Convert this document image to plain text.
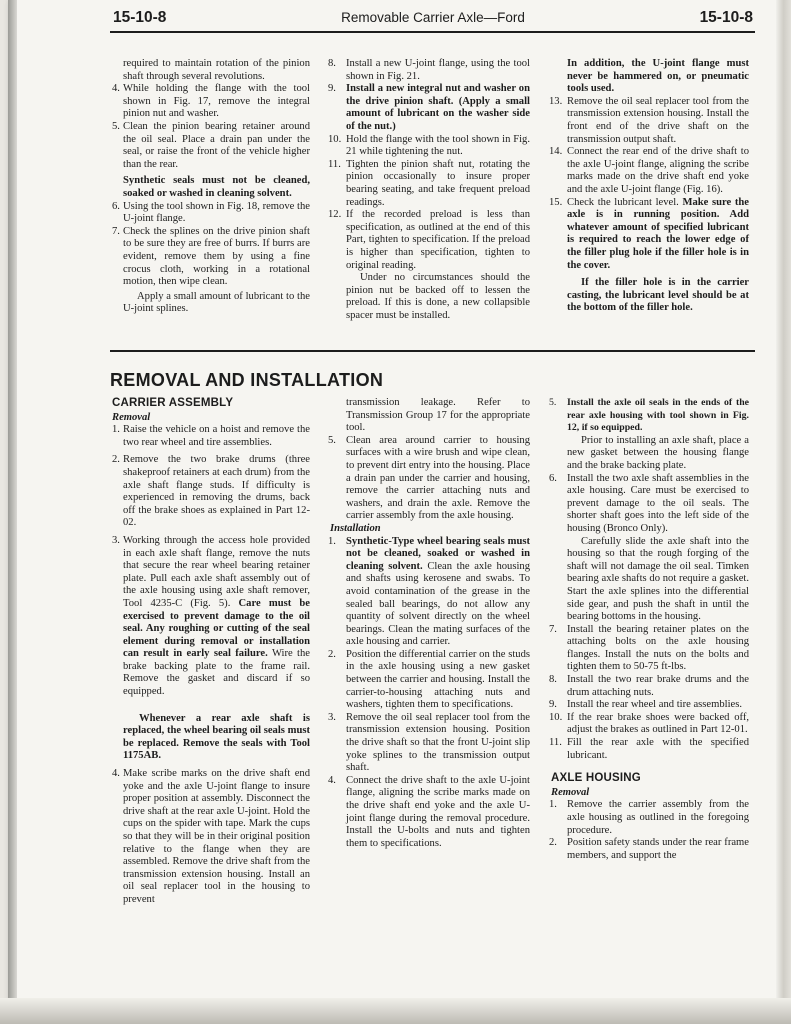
15-10-8	Removable Carrier Axle—Ford	15-10-8

required to maintain rotation of the pinion shaft through several revolutions.

4. While holding the flange with the tool shown in Fig. 17, remove the integral pinion nut and washer.

5. Clean the pinion bearing retainer around the oil seal. Place a drain pan under the seal, or raise the front of the vehicle higher than the rear.

Synthetic seals must not be cleaned, soaked or washed in cleaning solvent.

6. Using the tool shown in Fig. 18, remove the U-joint flange.

7. Check the splines on the drive pinion shaft to be sure they are free of burrs. If burrs are evident, remove them by using a fine crocus cloth, working in a rotational motion, then wipe clean.

Apply a small amount of lubricant to the U-joint splines.

8. Install a new U-joint flange, using the tool shown in Fig. 21.

9. Install a new integral nut and washer on the drive pinion shaft. (Apply a small amount of lubricant on the washer side of the nut.)

10. Hold the flange with the tool shown in Fig. 21 while tightening the nut.

11. Tighten the pinion shaft nut, rotating the pinion occasionally to insure proper bearing seating, and take frequent preload readings.

12. If the recorded preload is less than specification, as outlined at the end of this Part, tighten to specification. If the preload is higher than specification, tighten to original reading.

Under no circumstances should the pinion nut be backed off to lessen the preload. If this is done, a new collapsible spacer must be installed.

In addition, the U-joint flange must never be hammered on, or pneumatic tools used.

13. Remove the oil seal replacer tool from the transmission extension housing. Install the front end of the drive shaft on the transmission output shaft.

14. Connect the rear end of the drive shaft to the axle U-joint flange, aligning the scribe marks made on the drive shaft end yoke and the axle U-joint flange (Fig. 16).

15. Check the lubricant level. Make sure the axle is in running position. Add whatever amount of specified lubricant is required to reach the lower edge of the filler plug hole if the filler hole is in the cover.

If the filler hole is in the carrier casting, the lubricant level should be at the bottom of the filler hole.

REMOVAL AND INSTALLATION

CARRIER ASSEMBLY

Removal

1. Raise the vehicle on a hoist and remove the two rear wheel and tire assemblies.

2. Remove the two brake drums (three shakeproof retainers at each drum) from the axle shaft flange studs. If difficulty is experienced in removing the drums, back off the brake shoes as explained in Part 12-02.

3. Working through the access hole provided in each axle shaft flange, remove the nuts that secure the rear wheel bearing retainer plate. Pull each axle shaft assembly out of the axle housing using axle shaft remover, Tool 4235-C (Fig. 5). Care must be exercised to prevent damage to the oil seal. Any roughing or cutting of the seal element during removal or installation can result in early seal failure. Wire the brake backing plate to the frame rail. Remove the gasket and discard if so equipped.

Whenever a rear axle shaft is replaced, the wheel bearing oil seals must be replaced. Remove the seals with Tool 1175AB.

4. Make scribe marks on the drive shaft end yoke and the axle U-joint flange to insure proper position at assembly. Disconnect the drive shaft at the rear axle U-joint. Hold the cups on the spider with tape. Mark the cups so that they will be in their original position relative to the flange when they are assembled. Remove the drive shaft from the transmission extension housing. Install an oil seal replacer tool in the housing to prevent

transmission leakage. Refer to Transmission Group 17 for the appropriate tool.

5. Clean area around carrier to housing surfaces with a wire brush and wipe clean, to prevent dirt entry into the housing. Place a drain pan under the carrier and housing, remove the carrier attaching nuts and washers, and drain the axle. Remove the carrier assembly from the axle housing.

Installation

1. Synthetic-Type wheel bearing seals must not be cleaned, soaked or washed in cleaning solvent. Clean the axle housing and shafts using kerosene and swabs. To avoid contamination of the grease in the sealed ball bearings, do not allow any quantity of solvent directly on the wheel bearings. Clean the mating surfaces of the axle housing and carrier.

2. Position the differential carrier on the studs in the axle housing using a new gasket between the carrier and housing. Install the carrier-to-housing attaching nuts and washers, tighten them to specifications.

3. Remove the oil seal replacer tool from the transmission extension housing. Position the drive shaft so that the front U-joint slip yoke splines to the transmission output shaft.

4. Connect the drive shaft to the axle U-joint flange, aligning the scribe marks made on the drive shaft end yoke and the axle U-joint flange during the removal procedure. Install the U-bolts and nuts and tighten them to specifications.

5. Install the axle oil seals in the ends of the rear axle housing with tool shown in Fig. 12, if so equipped.

Prior to installing an axle shaft, place a new gasket between the housing flange and the brake backing plate.

6. Install the two axle shaft assemblies in the axle housing. Care must be exercised to prevent damage to the oil seals. The shorter shaft goes into the left side of the housing (Bronco Only).

Carefully slide the axle shaft into the housing so that the rough forging of the shaft will not damage the oil seal. Timken bearing axle shafts do not require a gasket. Start the axle splines into the differential side gear, and push the shaft in until the bearing bottoms in the housing.

7. Install the bearing retainer plates on the attaching bolts on the axle housing flanges. Install the nuts on the bolts and tighten them to 50-75 ft-lbs.

8. Install the two rear brake drums and the drum attaching nuts.

9. Install the rear wheel and tire assemblies.

10. If the rear brake shoes were backed off, adjust the brakes as outlined in Part 12-01.

11. Fill the rear axle with the specified lubricant.

AXLE HOUSING

Removal

1. Remove the carrier assembly from the axle housing as outlined in the foregoing procedure.

2. Position safety stands under the rear frame members, and support the
